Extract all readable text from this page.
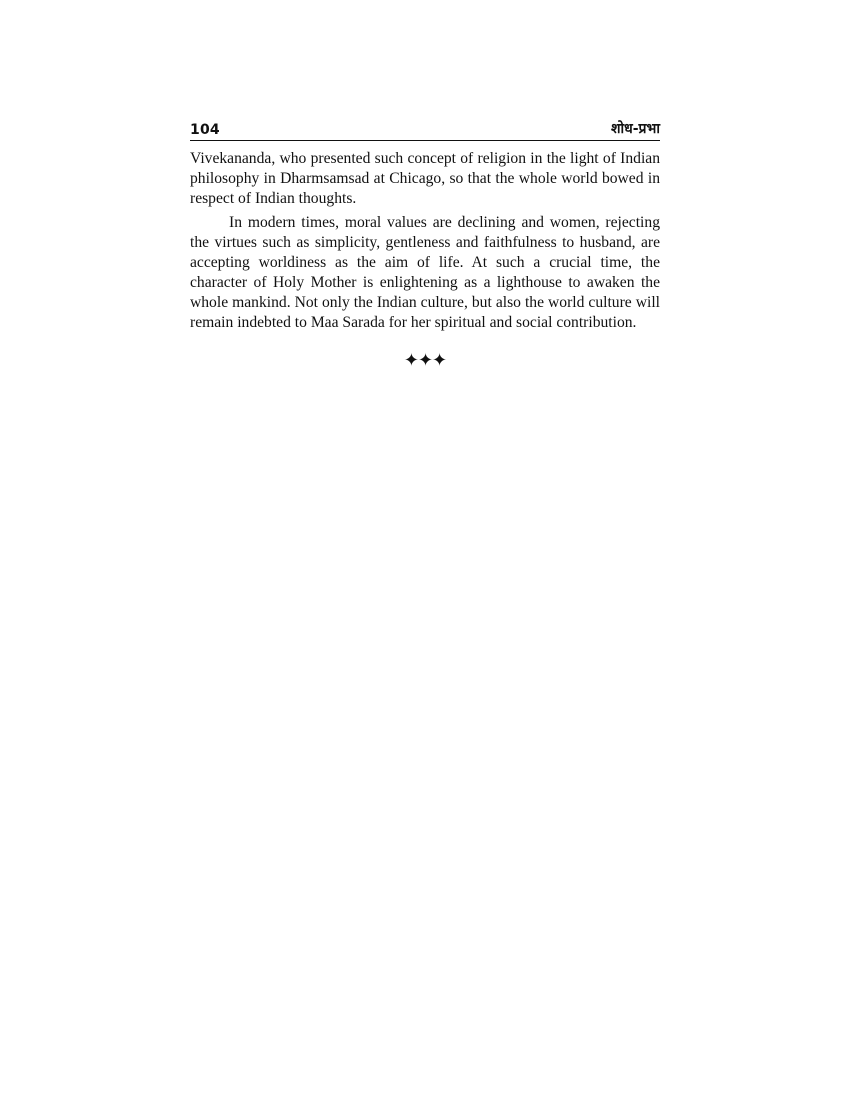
104	शोध-प्रभा

Vivekananda, who presented such concept of religion in the light of Indian philosophy in Dharmsamsad at Chicago, so that the whole world bowed in respect of Indian thoughts.

In modern times, moral values are declining and women, rejecting the virtues such as simplicity, gentleness and faithfulness to husband, are accepting worldiness as the aim of life. At such a crucial time, the character of Holy Mother is enlightening as a lighthouse to awaken the whole mankind. Not only the Indian culture, but also the world culture will remain indebted to Maa Sarada for her spiritual and social contribution.

✦✦✦
